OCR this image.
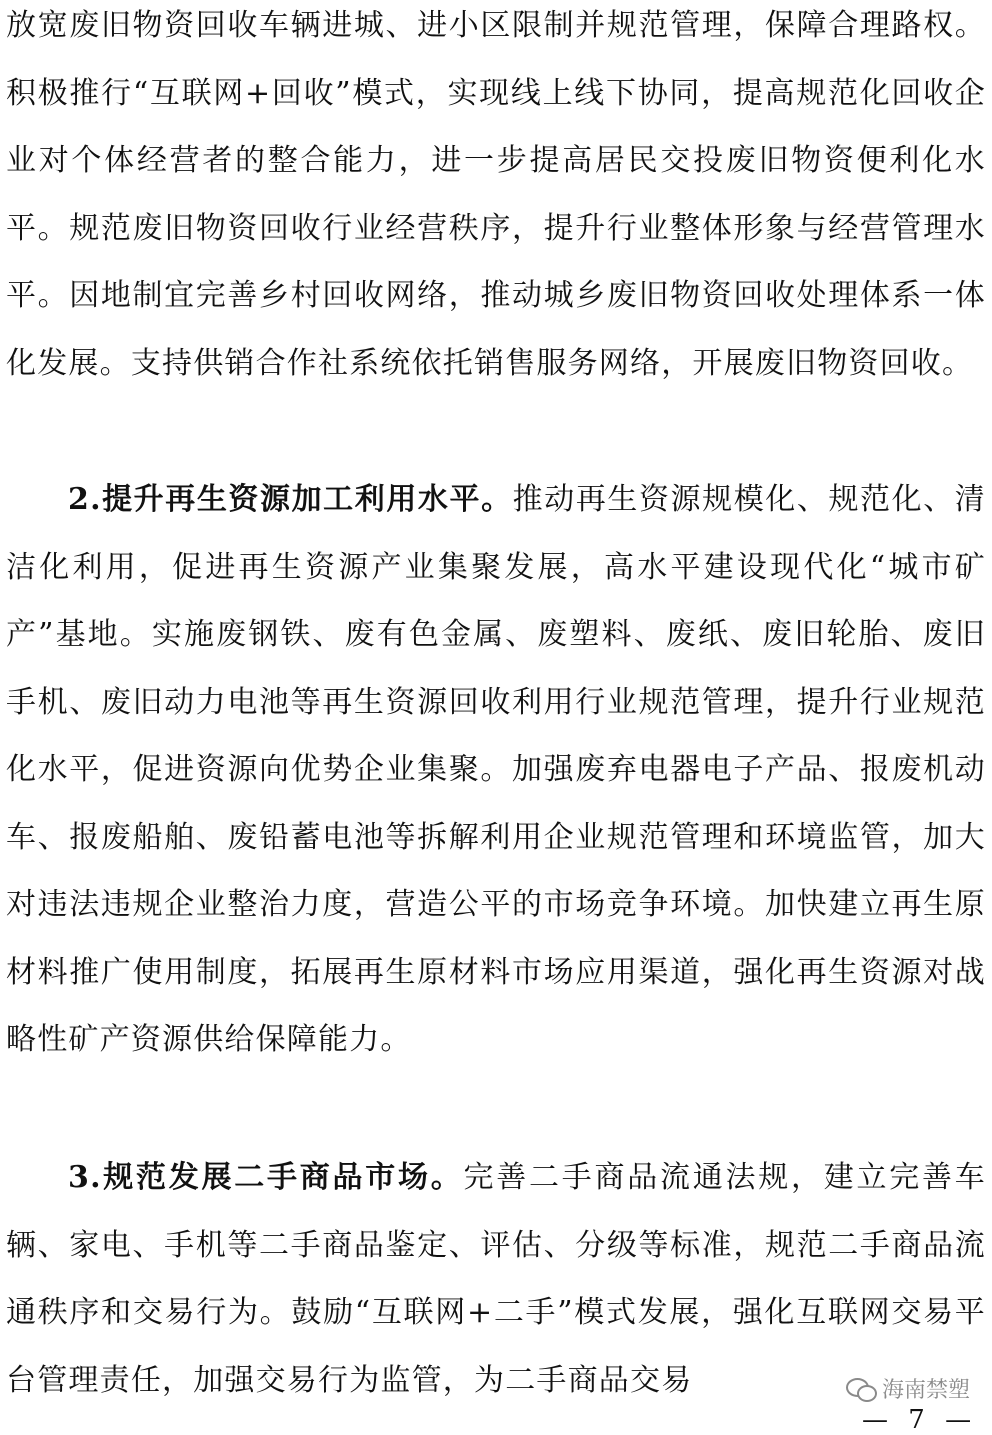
放宽废旧物资回收车辆进城、进小区限制并规范管理，保障合理路权。积极推行“互联网+回收”模式，实现线上线下协同，提高规范化回收企业对个体经营者的整合能力，进一步提高居民交投废旧物资便利化水平。规范废旧物资回收行业经营秩序，提升行业整体形象与经营管理水平。因地制宜完善乡村回收网络，推动城乡废旧物资回收处理体系一体化发展。支持供销合作社系统依托销售服务网络，开展废旧物资回收。

2.提升再生资源加工利用水平。推动再生资源规模化、规范化、清洁化利用，促进再生资源产业集聚发展，高水平建设现代化“城市矿产”基地。实施废钢铁、废有色金属、废塑料、废纸、废旧轮胎、废旧手机、废旧动力电池等再生资源回收利用行业规范管理，提升行业规范化水平，促进资源向优势企业集聚。加强废弃电器电子产品、报废机动车、报废船舶、废铅蓄电池等拆解利用企业规范管理和环境监管，加大对违法违规企业整治力度，营造公平的市场竞争环境。加快建立再生原材料推广使用制度，拓展再生原材料市场应用渠道，强化再生资源对战略性矿产资源供给保障能力。

3.规范发展二手商品市场。完善二手商品流通法规，建立完善车辆、家电、手机等二手商品鉴定、评估、分级等标准，规范二手商品流通秩序和交易行为。鼓励“互联网+二手”模式发展，强化互联网交易平台管理责任，加强交易行为监管，为二手商品交易	海南禁塑
— 7 —
